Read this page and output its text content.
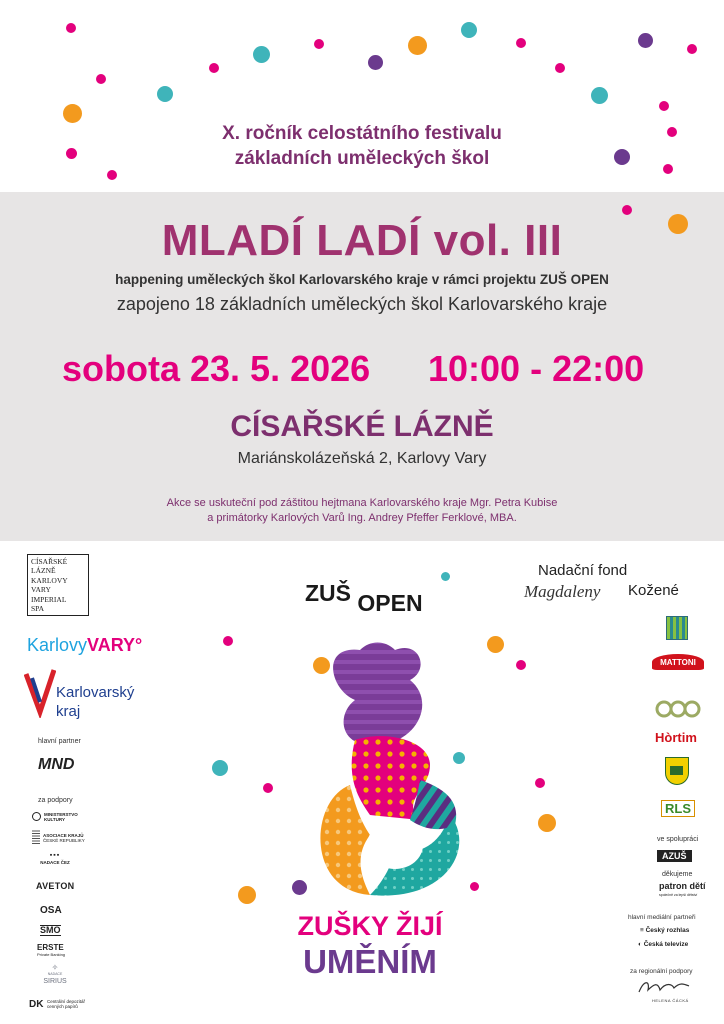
X. ročník celostátního festivalu
základních uměleckých škol
MLADÍ LADÍ vol. III
happening uměleckých škol Karlovarského kraje v rámci projektu ZUŠ OPEN
zapojeno 18 základních uměleckých škol Karlovarského kraje
sobota 23. 5. 2026 10:00 - 22:00
CÍSAŘSKÉ LÁZNĚ
Mariánskolázeňská 2, Karlovy Vary
Akce se uskuteční pod záštitou hejtmana Karlovarského kraje Mgr. Petra Kubise
a primátorky Karlových Varů Ing. Andrey Pfeffer Ferklové, MBA.
ZUŠ OPEN
ZUŠKY ŽIJÍ
UMĚNÍM
CÍSAŘSKÉ
LÁZNĚ
KARLOVY
VARY
IMPERIAL
SPA
KarlovyVARY°
Karlovarský
kraj
hlavní partner
MND
za podpory
MINISTERSTVO
KULTURY
ASOCIACE KRAJŮ
ČESKÉ REPUBLIKY
▪▪▪
NADACE ČEZ
AVETON
OSA
SMO
ERSTE
Private Banking
✧
NADACE
SIRIUS
DK Centrální depozitář
cenných papírů
Nadační fond
Magdaleny Kožené
MATTONI
Hòrtim
RLS
ve spolupráci
AZUŠ
děkujeme
patron dětí
společně za lepší dětství
hlavní mediální partneři
≡ Český rozhlas
◐ Česká televize
za regionální podpory
HELENA ČÁCKÁ
